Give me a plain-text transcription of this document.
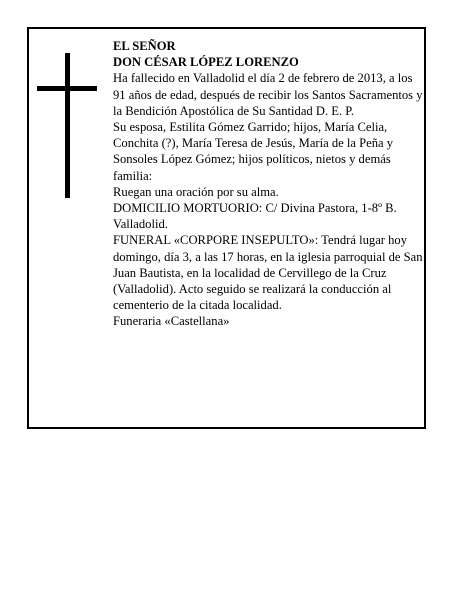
EL SEÑOR
DON CÉSAR LÓPEZ LORENZO
Ha fallecido en Valladolid el día 2 de febrero de 2013, a los 91 años de edad, después de recibir los Santos Sacramentos y la Bendición Apostólica de Su Santidad D. E. P.
Su esposa, Estilita Gómez Garrido; hijos, María Celia, Conchita (?), María Teresa de Jesús, María de la Peña y Sonsoles López Gómez; hijos políticos, nietos y demás familia:
Ruegan una oración por su alma.
DOMICILIO MORTUORIO: C/ Divina Pastora, 1-8º B. Valladolid.
FUNERAL «CORPORE INSEPULTO»: Tendrá lugar hoy domingo, día 3, a las 17 horas, en la iglesia parroquial de San Juan Bautista, en la localidad de Cervillego de la Cruz (Valladolid). Acto seguido se realizará la conducción al cementerio de la citada localidad.
Funeraria «Castellana»
